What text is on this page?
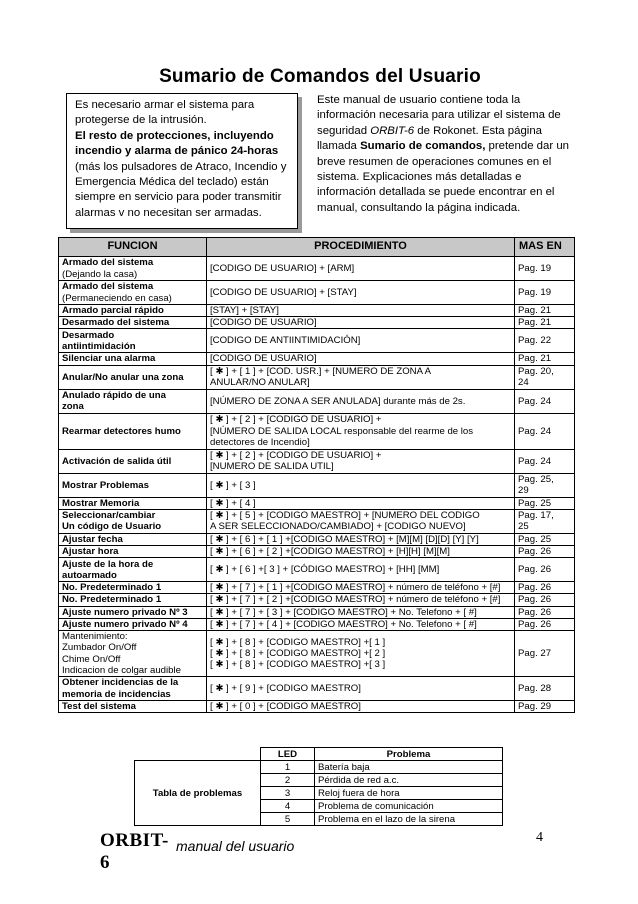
Sumario de Comandos del Usuario
Es necesario armar el sistema para protegerse de la intrusión.
El resto de protecciones, incluyendo incendio y alarma de pánico 24-horas (más los pulsadores de Atraco, Incendio y Emergencia Médica del teclado) están siempre en servicio para poder transmitir alarmas v no necesitan ser armadas.
Este manual de usuario contiene toda la información necesaria para utilizar el sistema de seguridad ORBIT-6 de Rokonet. Esta página llamada Sumario de comandos, pretende dar un breve resumen de operaciones comunes en el sistema. Explicaciones más detalladas e información detallada se puede encontrar en el manual, consultando la página indicada.
FUNCION	PROCEDIMIENTO	MAS EN
Armado del sistema
(Dejando la casa)	[CODIGO DE USUARIO] + [ARM]	Pag. 19
Armado del sistema
(Permaneciendo en casa)	[CODIGO DE USUARIO] + [STAY]	Pag. 19
Armado parcial rápido	[STAY] + [STAY]	Pag. 21
Desarmado del sistema	[CODIGO DE USUARIO]	Pag. 21
Desarmado
antiintimidación	[CODIGO DE ANTIINTIMIDACIÓN]	Pag. 22
Silenciar una alarma	[CODIGO DE USUARIO]	Pag. 21
Anular/No anular una zona	[ ✱ ] + [ 1 ] + [COD. USR.] + [NUMERO DE ZONA A
ANULAR/NO ANULAR]	Pag. 20,
24
Anulado rápido de una
zona	[NÚMERO DE ZONA A SER ANULADA] durante más de 2s.	Pag. 24
Rearmar detectores humo	[ ✱ ] + [ 2 ] + [CODIGO DE USUARIO] +
[NÚMERO DE SALIDA LOCAL responsable del rearme de los
detectores de Incendio]	Pag. 24
Activación de salida útil	[ ✱ ] + [ 2 ] + [CODIGO DE USUARIO] +
[NUMERO DE SALIDA UTIL]	Pag. 24
Mostrar Problemas	[ ✱ ] + [ 3 ]	Pag. 25,
29
Mostrar Memoria	[ ✱ ] + [ 4 ]	Pag. 25
Seleccionar/cambiar
Un código de Usuario	[ ✱ ] + [ 5 ] + [CODIGO MAESTRO] + [NUMERO DEL CODIGO
A SER SELECCIONADO/CAMBIADO] + [CODIGO NUEVO]	Pag. 17,
25
Ajustar fecha	[ ✱ ] + [ 6 ] + [ 1 ] +[CODIGO MAESTRO] + [M][M] [D][D] [Y] [Y]	Pag. 25
Ajustar hora	[ ✱ ] + [ 6 ] + [ 2 ] +[CODIGO MAESTRO] + [H][H] [M][M]	Pag. 26
Ajuste de la hora de
autoarmado	[ ✱ ] + [ 6 ] +[ 3 ] + [CÓDIGO MAESTRO] + [HH] [MM]	Pag. 26
No. Predeterminado 1	[ ✱ ] + [ 7 ] + [ 1 ] +[CODIGO MAESTRO] + número de teléfono + [#]	Pag. 26
No. Predeterminado 1	[ ✱ ] + [ 7 ] + [ 2 ] +[CODIGO MAESTRO] + número de teléfono + [#]	Pag. 26
Ajuste numero privado Nº 3	[ ✱ ] + [ 7 ] + [ 3 ] + [CODIGO MAESTRO] + No. Telefono + [ #]	Pag. 26
Ajuste numero privado Nº 4	[ ✱ ] + [ 7 ] + [ 4 ] + [CODIGO MAESTRO] + No. Telefono + [ #]	Pag. 26
Mantenimiento:
Zumbador On/Off
Chime On/Off
Indicacion de colgar audible	[ ✱ ] + [ 8 ] + [CODIGO MAESTRO] +[ 1 ]
[ ✱ ] + [ 8 ] + [CODIGO MAESTRO] +[ 2 ]
[ ✱ ] + [ 8 ] + [CODIGO MAESTRO] +[ 3 ]	Pag. 27
Obtener incidencias de la
memoria de incidencias	[ ✱ ] + [ 9 ] + [CODIGO MAESTRO]	Pag. 28
Test del sistema	[ ✱ ] + [ 0 ] + [CODIGO MAESTRO]	Pag. 29
	LED	Problema
Tabla de problemas	1	Batería baja
	2	Pérdida de red a.c.
	3	Reloj fuera de hora
	4	Problema de comunicación
	5	Problema en el lazo de la sirena
ORBIT-6
manual del usuario
4
